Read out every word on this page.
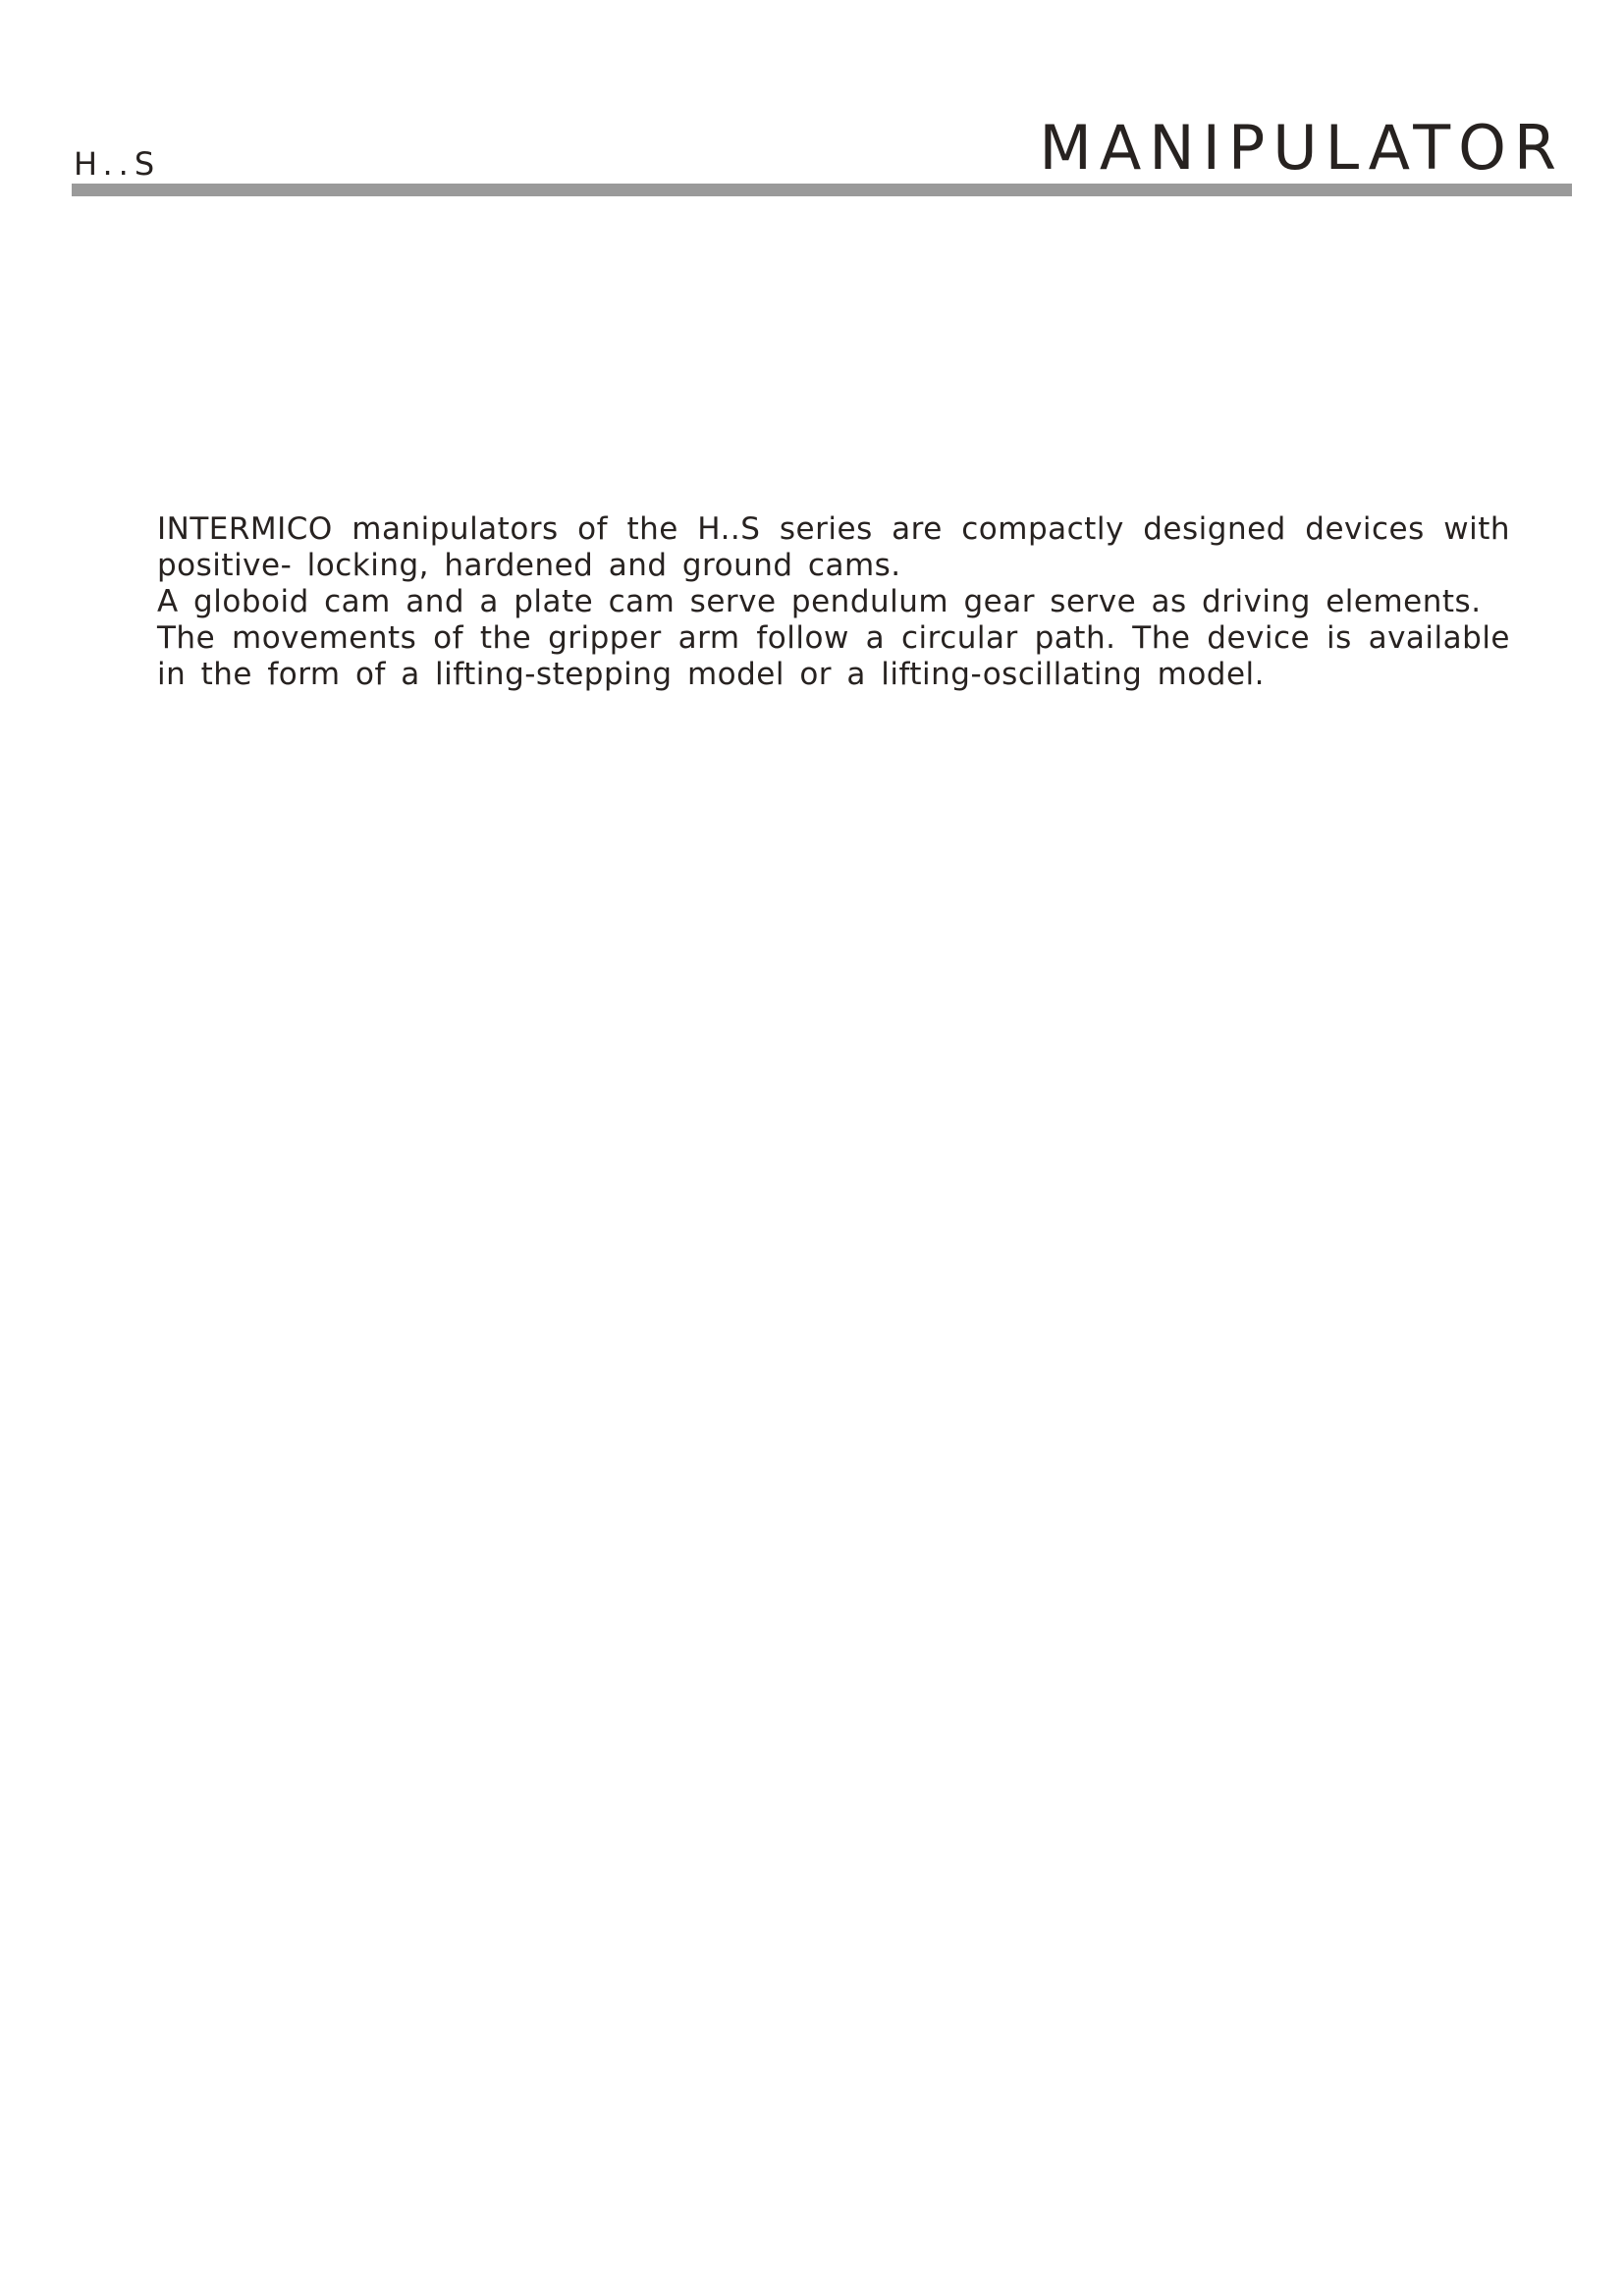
H..S	MANIPULATOR

INTERMICO manipulators of the H..S series are compactly designed devices with positive- locking, hardened and ground cams.

A globoid cam and a plate cam serve pendulum gear serve as driving elements.

The movements of the gripper arm follow a circular path. The device is available in the form of a lifting-stepping model or a lifting-oscillating model.
